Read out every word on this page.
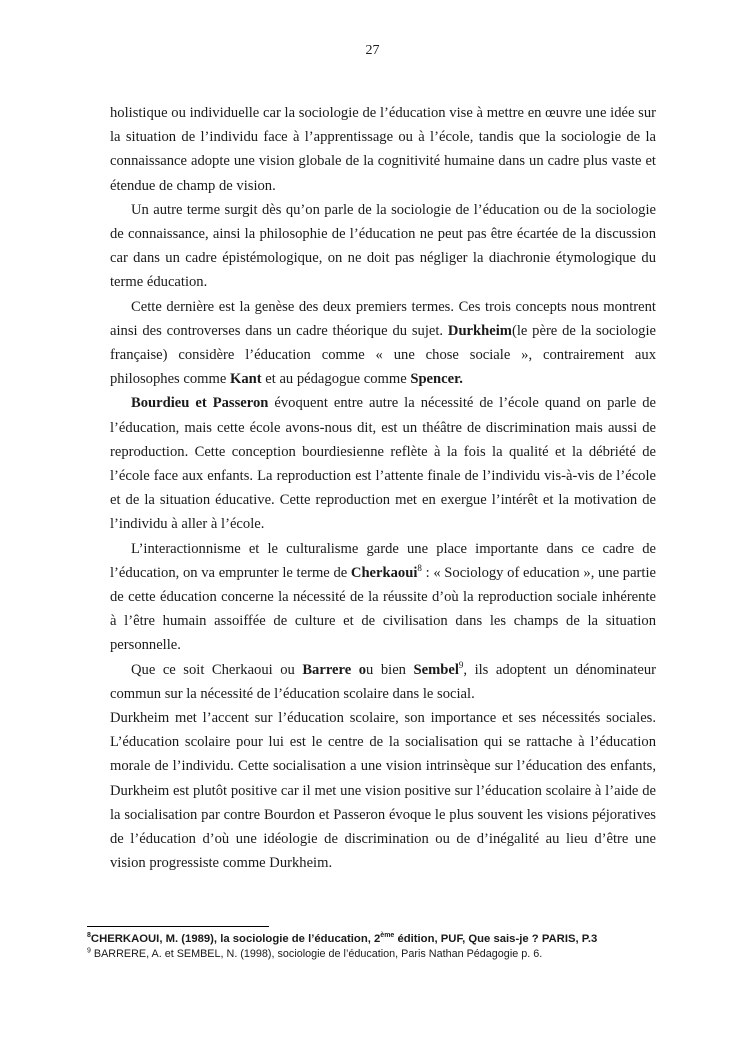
27

holistique ou individuelle car la sociologie de l’éducation vise à mettre en œuvre une idée sur la situation de l’individu face à l’apprentissage ou à l’école, tandis que la sociologie de la connaissance adopte une vision globale de la cognitivité humaine dans un cadre plus vaste et étendue de champ de vision.

Un autre terme surgit dès qu’on parle de la sociologie de l’éducation ou de la sociologie de connaissance, ainsi la philosophie de l’éducation ne peut pas être écartée de la discussion car dans un cadre épistémologique, on ne doit pas négliger la diachronie étymologique du terme éducation.

Cette dernière est la genèse des deux premiers termes. Ces trois concepts nous montrent ainsi des controverses dans un cadre théorique du sujet. Durkheim(le père de la sociologie française) considère l’éducation comme « une chose sociale », contrairement aux philosophes comme Kant et au pédagogue comme Spencer.

Bourdieu et Passeron évoquent entre autre la nécessité de l’école quand on parle de l’éducation, mais cette école avons-nous dit, est un théâtre de discrimination mais aussi de reproduction. Cette conception bourdiesienne reflète à la fois la qualité et la débriété de l’école face aux enfants. La reproduction est l’attente finale de l’individu vis-à-vis de l’école et de la situation éducative. Cette reproduction met en exergue l’intérêt et la motivation de l’individu à aller à l’école.

L’interactionnisme et le culturalisme garde une place importante dans ce cadre de l’éducation, on va emprunter le terme de Cherkaoui$^8$ : « Sociology of education », une partie de cette éducation concerne la nécessité de la réussite d’où la reproduction sociale inhérente à l’être humain assoiffée de culture et de civilisation dans les champs de la situation personnelle.

Que ce soit Cherkaoui ou Barrere ou bien Sembel$^9$, ils adoptent un dénominateur commun sur la nécessité de l’éducation scolaire dans le social.

Durkheim met l’accent sur l’éducation scolaire, son importance et ses nécessités sociales. L’éducation scolaire pour lui est le centre de la socialisation qui se rattache à l’éducation morale de l’individu. Cette socialisation a une vision intrinsèque sur l’éducation des enfants, Durkheim est plutôt positive car il met une vision positive sur l’éducation scolaire à l’aide de la socialisation par contre Bourdon et Passeron évoque le plus souvent les visions péjoratives de l’éducation d’où une idéologie de discrimination ou de d’inégalité au lieu d’être une vision progressiste comme Durkheim.

$^8$CHERKAOUI, M. (1989), la sociologie de l’éducation, 2ème édition, PUF, Que sais-je ? PARIS, P.3
$^9$ BARRERE, A. et SEMBEL, N. (1998), sociologie de l’éducation, Paris Nathan Pédagogie p. 6.
